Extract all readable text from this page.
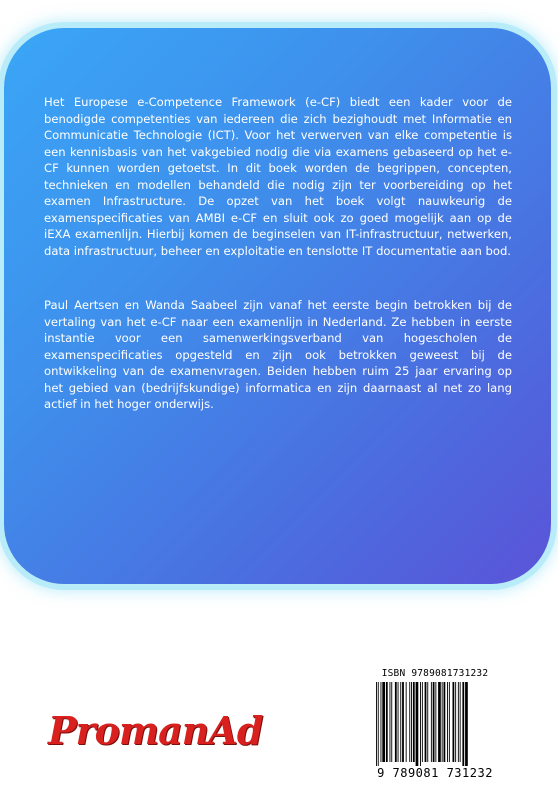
Het Europese e-Competence Framework (e-CF) biedt een kader voor de benodigde competenties van iedereen die zich bezighoudt met Informatie en Communicatie Technologie (ICT). Voor het verwerven van elke competentie is een kennisbasis van het vakgebied nodig die via examens gebaseerd op het e-CF kunnen worden getoetst. In dit boek worden de begrippen, concepten, technieken en modellen behandeld die nodig zijn ter voorbereiding op het examen Infrastructure. De opzet van het boek volgt nauwkeurig de examenspecificaties van AMBI e-CF en sluit ook zo goed mogelijk aan op de iEXA examenlijn. Hierbij komen de beginselen van IT-infrastructuur, netwerken, data infrastructuur, beheer en exploitatie en tenslotte IT documentatie aan bod.

Paul Aertsen en Wanda Saabeel zijn vanaf het eerste begin betrokken bij de vertaling van het e-CF naar een examenlijn in Nederland. Ze hebben in eerste instantie voor een samenwerkingsverband van hogescholen de examenspecificaties opgesteld en zijn ook betrokken geweest bij de ontwikkeling van de examenvragen. Beiden hebben ruim 25 jaar ervaring op het gebied van (bedrijfskundige) informatica en zijn daarnaast al net zo lang actief in het hoger onderwijs.

PromanAd
ISBN 9789081731232
9 789081 731232
